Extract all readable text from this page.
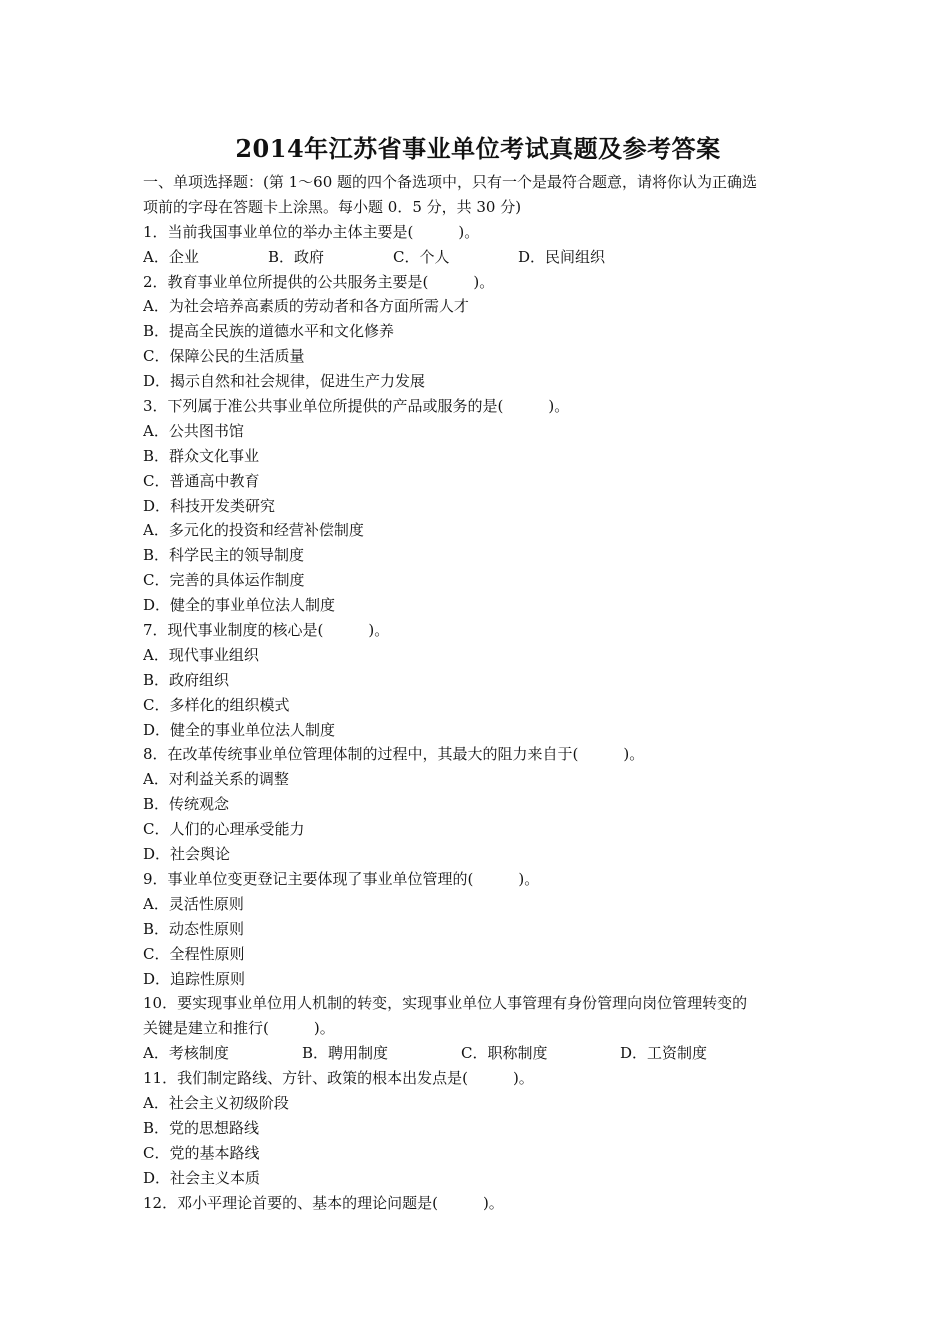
2014年江苏省事业单位考试真题及参考答案
一、单项选择题：(第 1～60 题的四个备选项中，只有一个是最符合题意，请将你认为正确选
项前的字母在答题卡上涂黑。每小题 0．5 分，共 30 分)
1．当前我国事业单位的举办主体主要是(　　　)。
A．企业	B．政府	C．个人	D．民间组织
2．教育事业单位所提供的公共服务主要是(　　　)。
A．为社会培养高素质的劳动者和各方面所需人才
B．提高全民族的道德水平和文化修养
C．保障公民的生活质量
D．揭示自然和社会规律，促进生产力发展
3．下列属于准公共事业单位所提供的产品或服务的是(　　　)。
A．公共图书馆
B．群众文化事业
C．普通高中教育
D．科技开发类研究
A．多元化的投资和经营补偿制度
B．科学民主的领导制度
C．完善的具体运作制度
D．健全的事业单位法人制度
7．现代事业制度的核心是(　　　)。
A．现代事业组织
B．政府组织
C．多样化的组织模式
D．健全的事业单位法人制度
8．在改革传统事业单位管理体制的过程中，其最大的阻力来自于(　　　)。
A．对利益关系的调整
B．传统观念
C．人们的心理承受能力
D．社会舆论
9．事业单位变更登记主要体现了事业单位管理的(　　　)。
A．灵活性原则
B．动态性原则
C．全程性原则
D．追踪性原则
10．要实现事业单位用人机制的转变，实现事业单位人事管理有身份管理向岗位管理转变的
关键是建立和推行(　　　)。
A．考核制度	B．聘用制度	C．职称制度	D．工资制度
11．我们制定路线、方针、政策的根本出发点是(　　　)。
A．社会主义初级阶段
B．党的思想路线
C．党的基本路线
D．社会主义本质
12．邓小平理论首要的、基本的理论问题是(　　　)。
